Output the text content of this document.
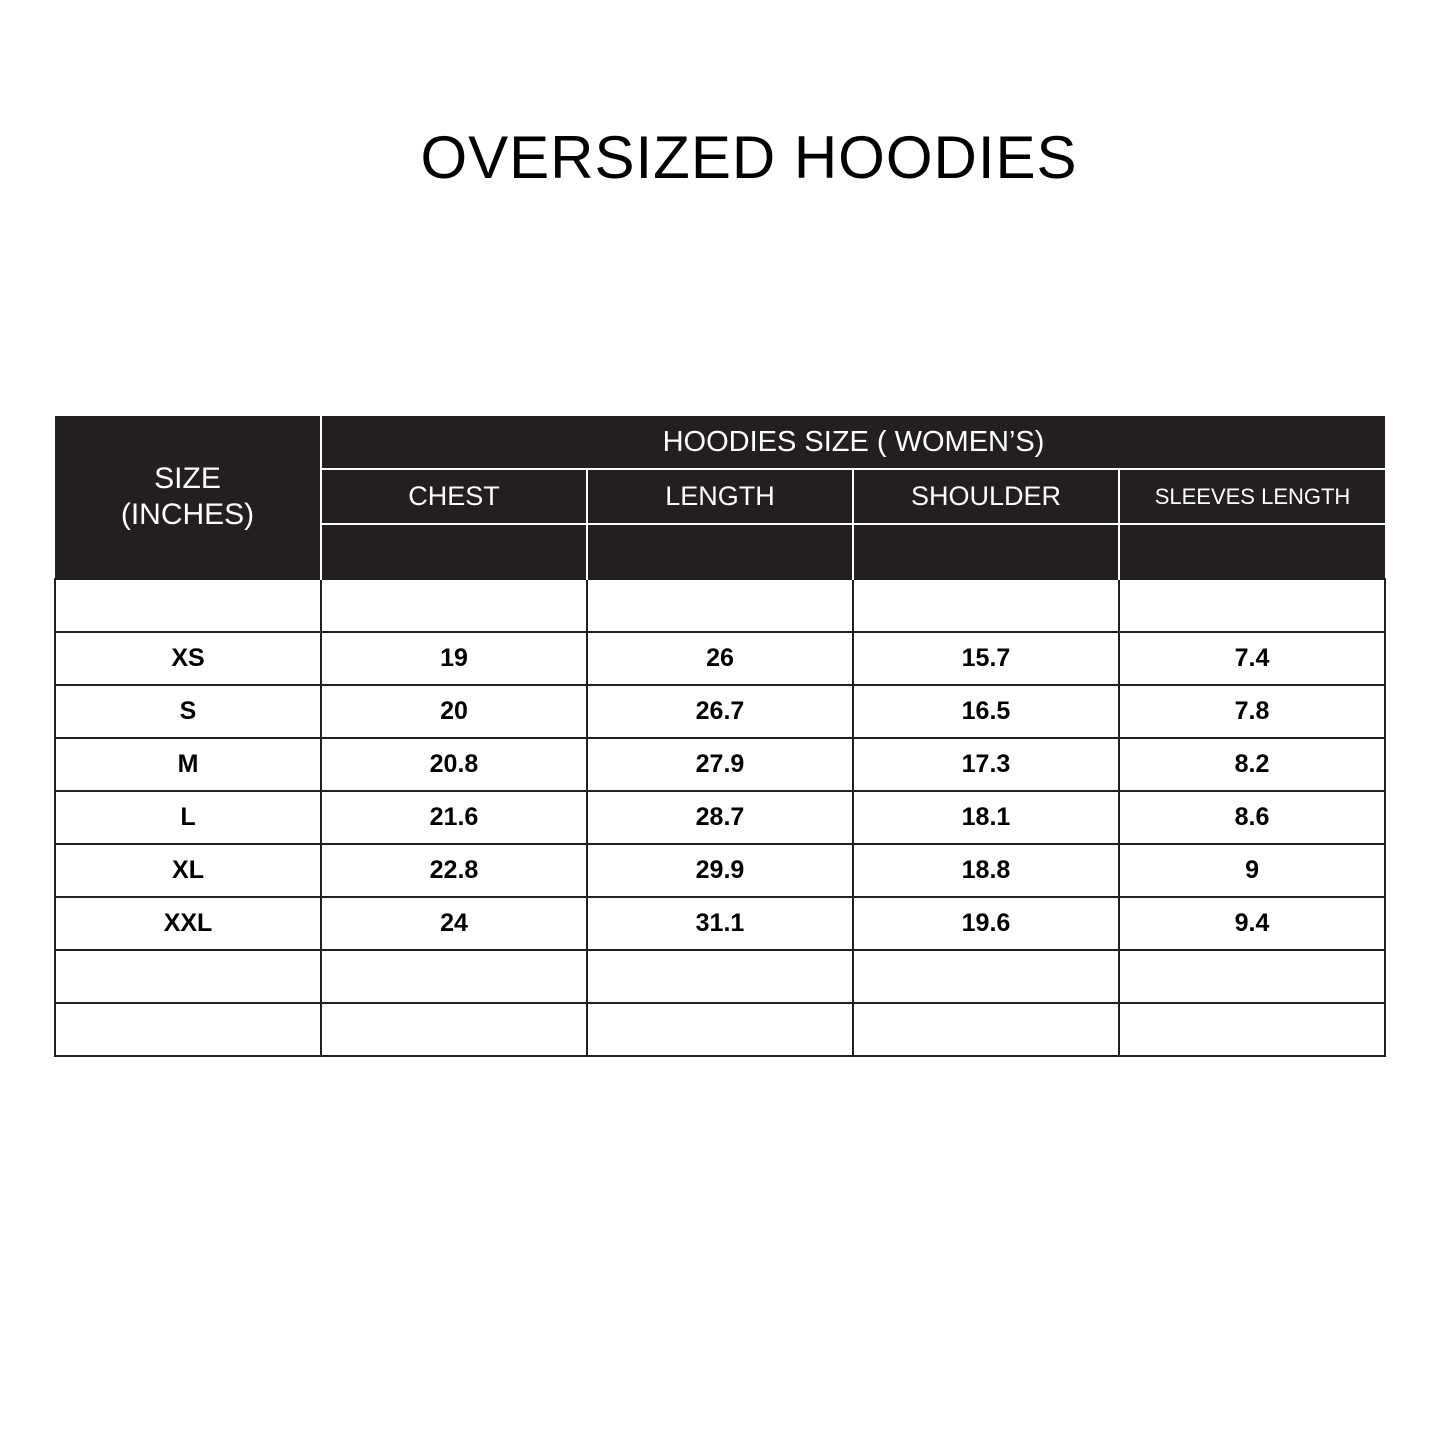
OVERSIZED HOODIES
SIZE
(INCHES)	HOODIES SIZE ( WOMEN’S)			
	CHEST	LENGTH	SHOULDER	SLEEVES LENGTH

XS	19	26	15.7	7.4
S	20	26.7	16.5	7.8
M	20.8	27.9	17.3	8.2
L	21.6	28.7	18.1	8.6
XL	22.8	29.9	18.8	9
XXL	24	31.1	19.6	9.4
